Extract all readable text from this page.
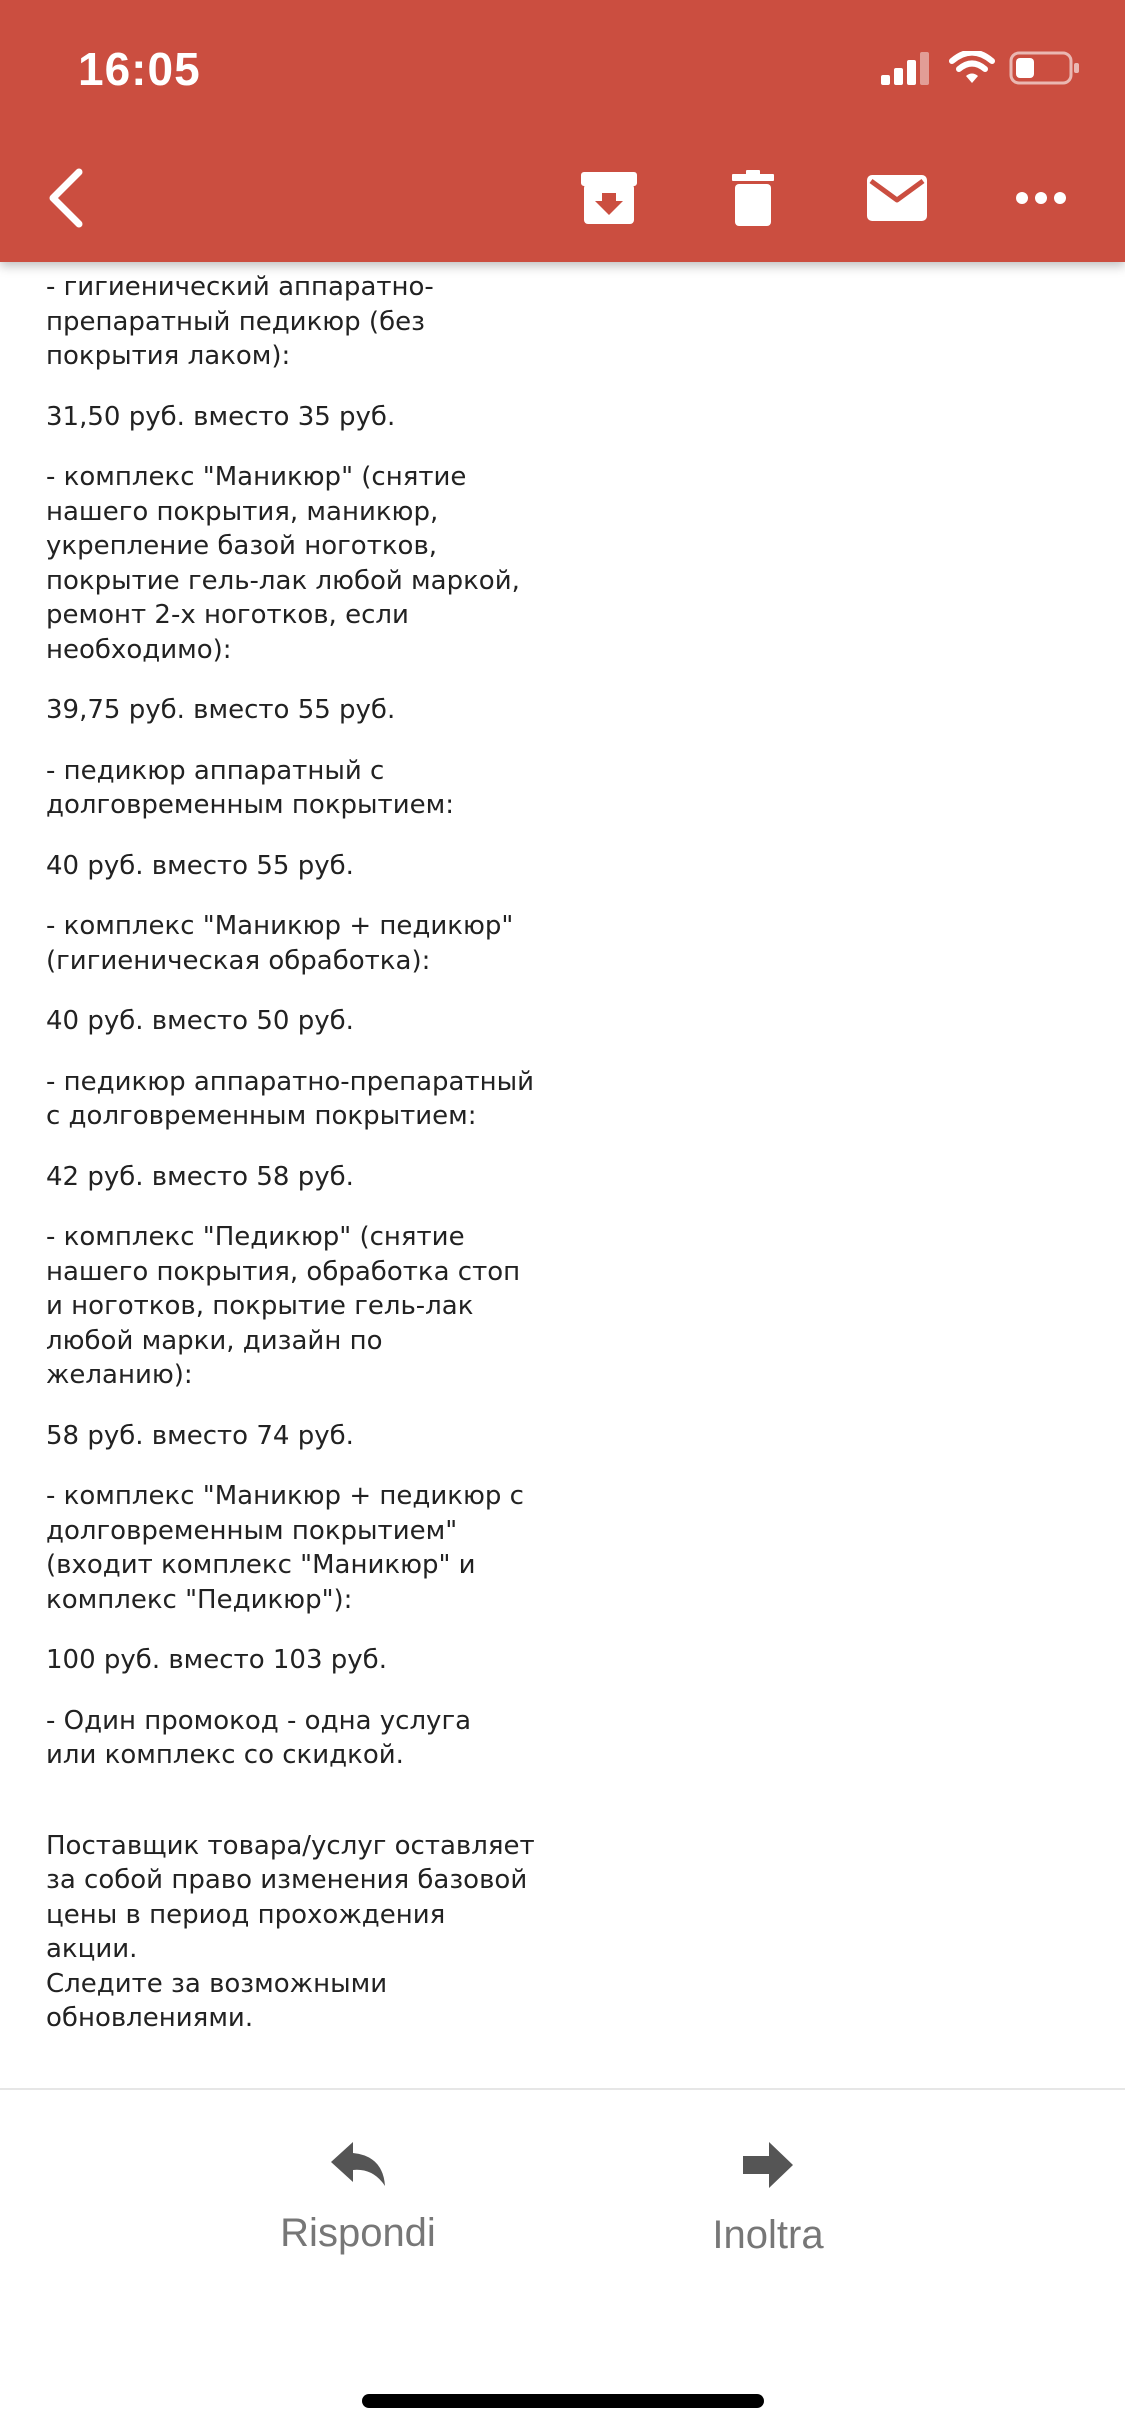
16:05

- гигиенический аппаратно-
препаратный педикюр (без
покрытия лаком):

31,50 руб. вместо 35 руб.

- комплекс "Маникюр" (снятие
нашего покрытия, маникюр,
укрепление базой ноготков,
покрытие гель-лак любой маркой,
ремонт 2-х ноготков, если
необходимо):

39,75 руб. вместо 55 руб.

- педикюр аппаратный с
долговременным покрытием:

40 руб. вместо 55 руб.

- комплекс "Маникюр + педикюр"
(гигиеническая обработка):

40 руб. вместо 50 руб.

- педикюр аппаратно-препаратный
с долговременным покрытием:

42 руб. вместо 58 руб.

- комплекс "Педикюр" (снятие
нашего покрытия, обработка стоп
и ноготков, покрытие гель-лак
любой марки, дизайн по
желанию):

58 руб. вместо 74 руб.

- комплекс "Маникюр + педикюр с
долговременным покрытием"
(входит комплекс "Маникюр" и
комплекс "Педикюр"):

100 руб. вместо 103 руб.

- Один промокод - одна услуга
или комплекс со скидкой.

Поставщик товара/услуг оставляет
за собой право изменения базовой
цены в период прохождения
акции.
Следите за возможными
обновлениями.

Rispondi	Inoltra
